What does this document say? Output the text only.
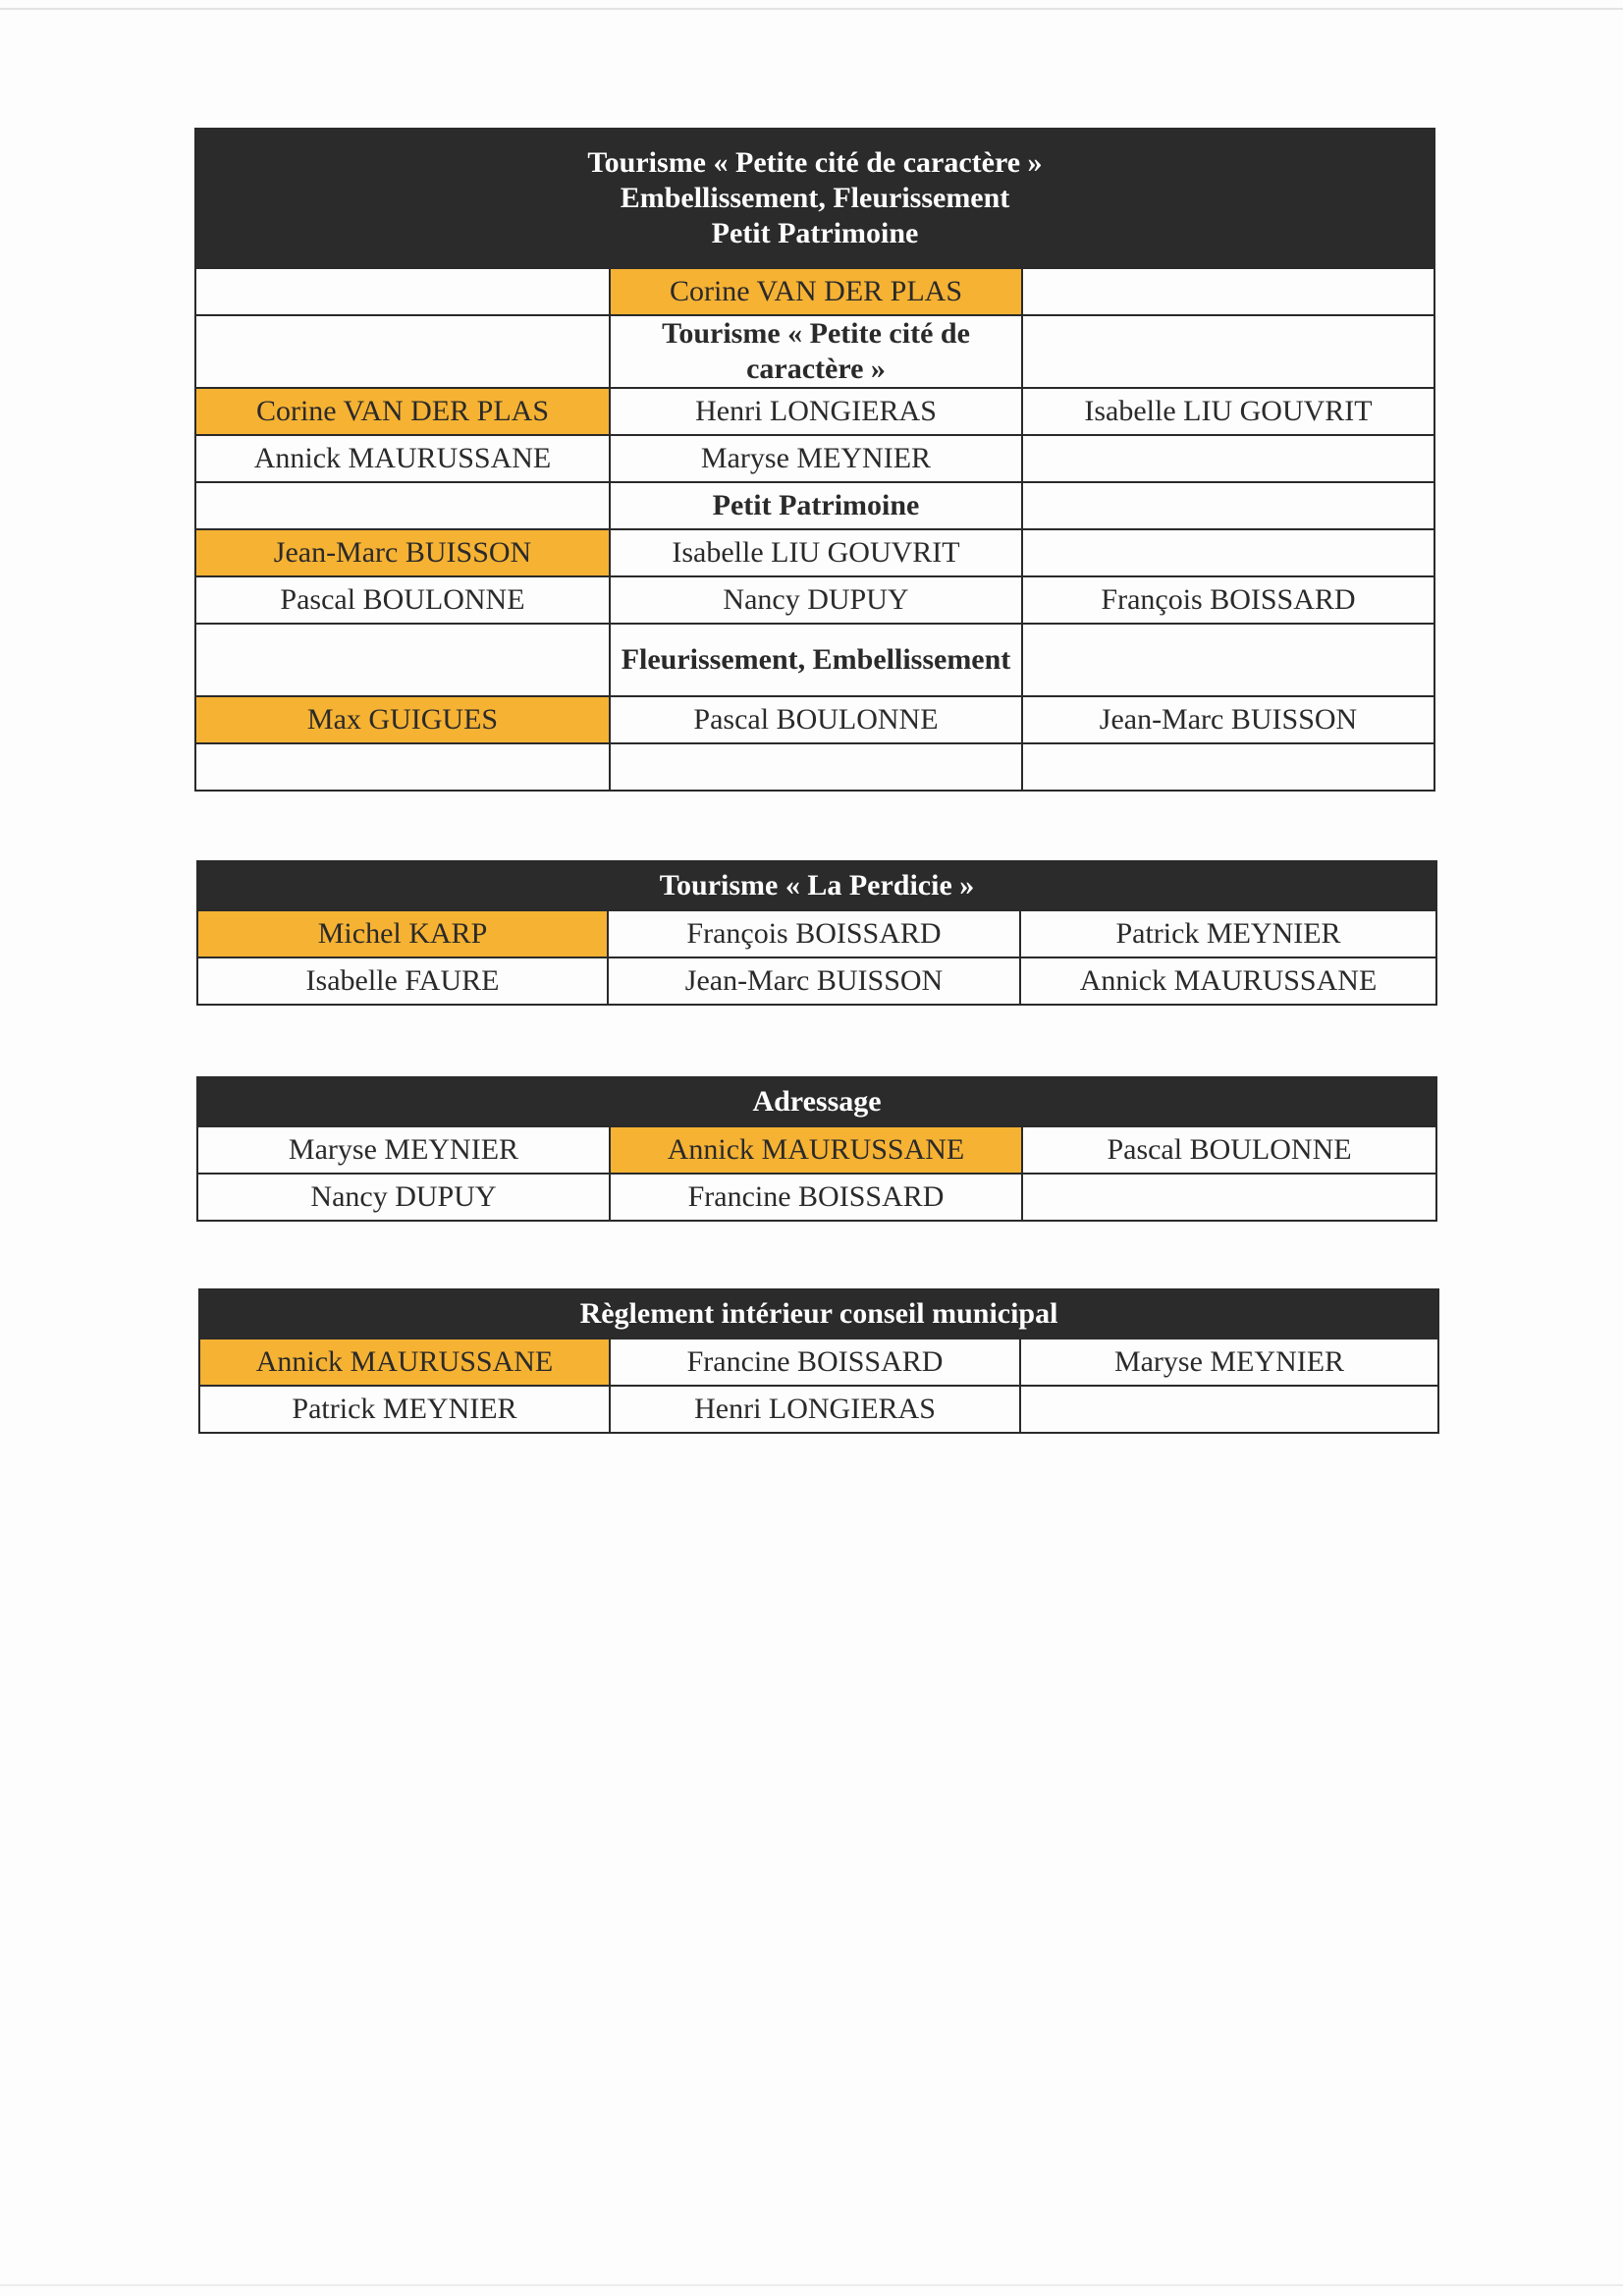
Tourisme « Petite cité de caractère »
Embellissement, Fleurissement
Petit Patrimoine		

	Corine VAN DER PLAS	
	Tourisme « Petite cité de caractère »	
Corine VAN DER PLAS	Henri LONGIERAS	Isabelle LIU GOUVRIT
Annick MAURUSSANE	Maryse MEYNIER	
	Petit Patrimoine	
Jean-Marc BUISSON	Isabelle LIU GOUVRIT	
Pascal BOULONNE	Nancy DUPUY	François BOISSARD
	Fleurissement, Embellissement	
Max GUIGUES	Pascal BOULONNE	Jean-Marc BUISSON

Tourisme « La Perdicie »		
Michel KARP	François BOISSARD	Patrick MEYNIER
Isabelle FAURE	Jean-Marc BUISSON	Annick MAURUSSANE
Adressage		
Maryse MEYNIER	Annick MAURUSSANE	Pascal BOULONNE
Nancy DUPUY	Francine BOISSARD	
Règlement intérieur conseil municipal		
Annick MAURUSSANE	Francine BOISSARD	Maryse MEYNIER
Patrick MEYNIER	Henri LONGIERAS	
